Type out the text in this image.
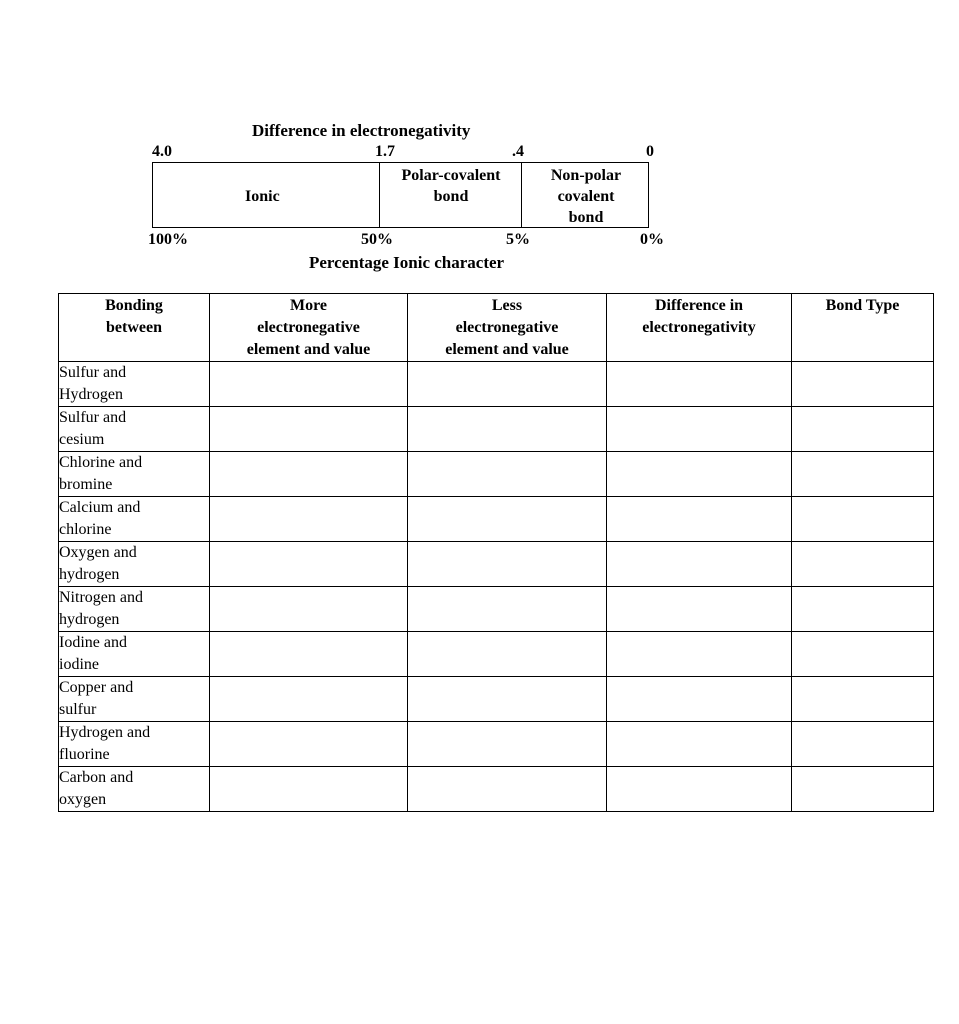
Difference in electronegativity
4.0	1.7	.4	0
Ionic
Polar-covalent
bond
Non-polar
covalent
bond
100%	50%	5%	0%
Percentage Ionic character
Bonding
between	More
electronegative
element and value	Less
electronegative
element and value	Difference in
electronegativity	Bond Type

Sulfur and
Hydrogen				

Sulfur and
cesium				

Chlorine and
bromine				

Calcium and
chlorine				

Oxygen and
hydrogen				

Nitrogen and
hydrogen				

Iodine and
iodine				

Copper and
sulfur				

Hydrogen and
fluorine				

Carbon and
oxygen				
